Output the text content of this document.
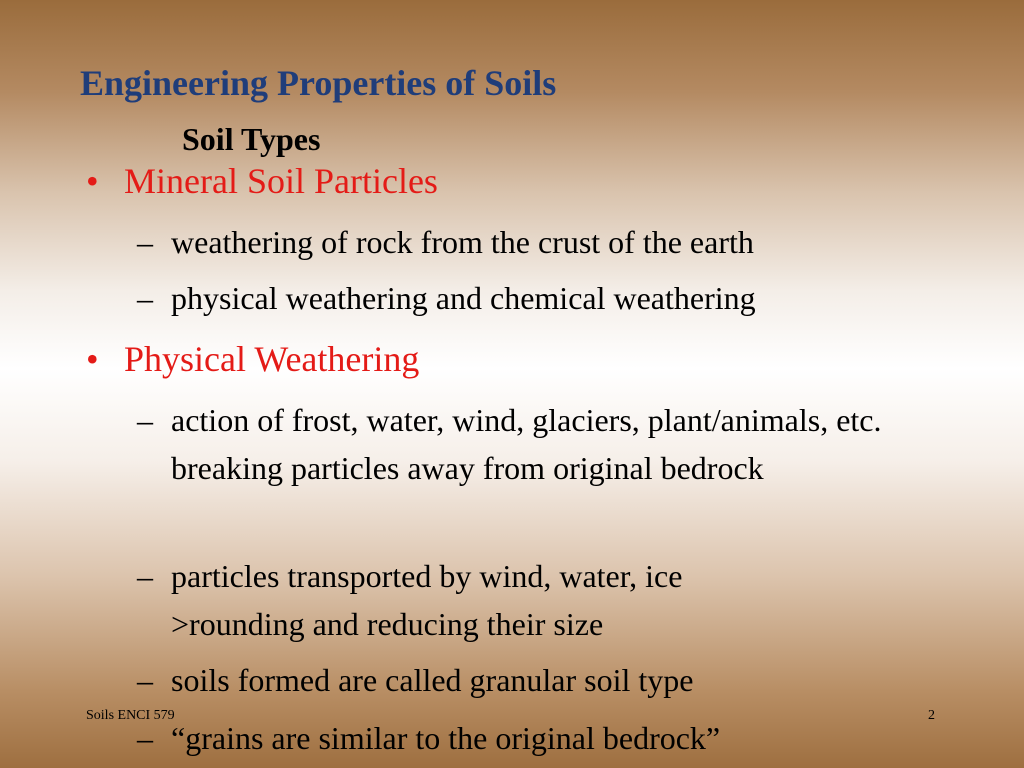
Engineering Properties of Soils
Soil Types
• Mineral Soil Particles
– weathering of rock from the crust of the earth
– physical weathering and chemical weathering
• Physical Weathering
– action of frost, water, wind, glaciers, plant/animals, etc. breaking particles away from original bedrock
– particles transported by wind, water, ice >rounding and reducing their size
– soils formed are called granular soil type
– “grains are similar to the original bedrock”
Soils ENCI 579	2
